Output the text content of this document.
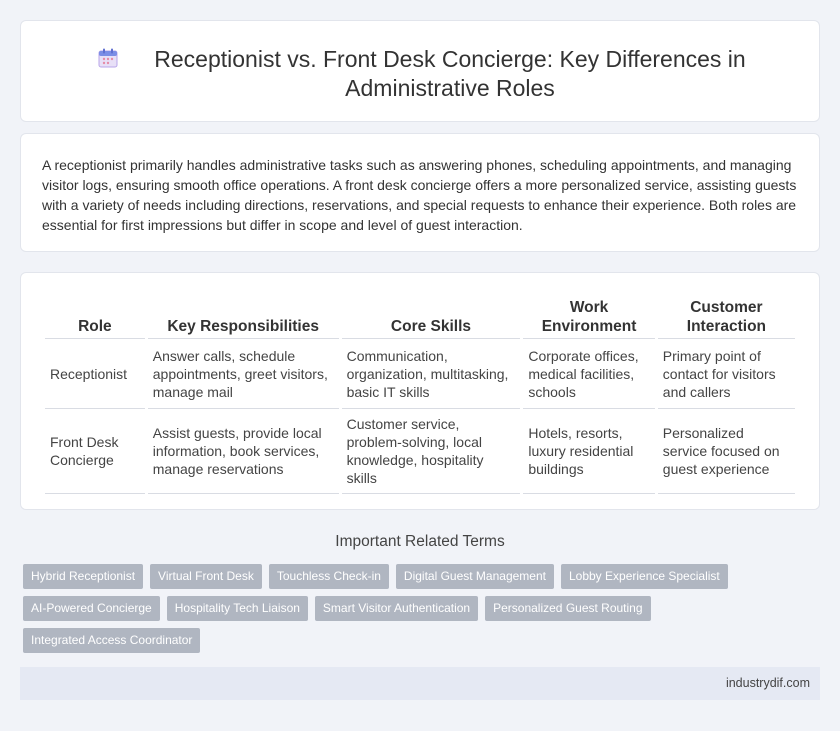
Receptionist vs. Front Desk Concierge: Key Differences in Administrative Roles

A receptionist primarily handles administrative tasks such as answering phones, scheduling appointments, and managing visitor logs, ensuring smooth office operations. A front desk concierge offers a more personalized service, assisting guests with a variety of needs including directions, reservations, and special requests to enhance their experience. Both roles are essential for first impressions but differ in scope and level of guest interaction.

Role	Key Responsibilities	Core Skills	Work Environment	Customer Interaction
Receptionist	Answer calls, schedule appointments, greet visitors, manage mail	Communication, organization, multitasking, basic IT skills	Corporate offices, medical facilities, schools	Primary point of contact for visitors and callers
Front Desk Concierge	Assist guests, provide local information, book services, manage reservations	Customer service, problem-solving, local knowledge, hospitality skills	Hotels, resorts, luxury residential buildings	Personalized service focused on guest experience
Important Related Terms
Hybrid Receptionist	Virtual Front Desk	Touchless Check-in	Digital Guest Management	Lobby Experience Specialist
AI-Powered Concierge	Hospitality Tech Liaison	Smart Visitor Authentication	Personalized Guest Routing
Integrated Access Coordinator
industrydif.com
